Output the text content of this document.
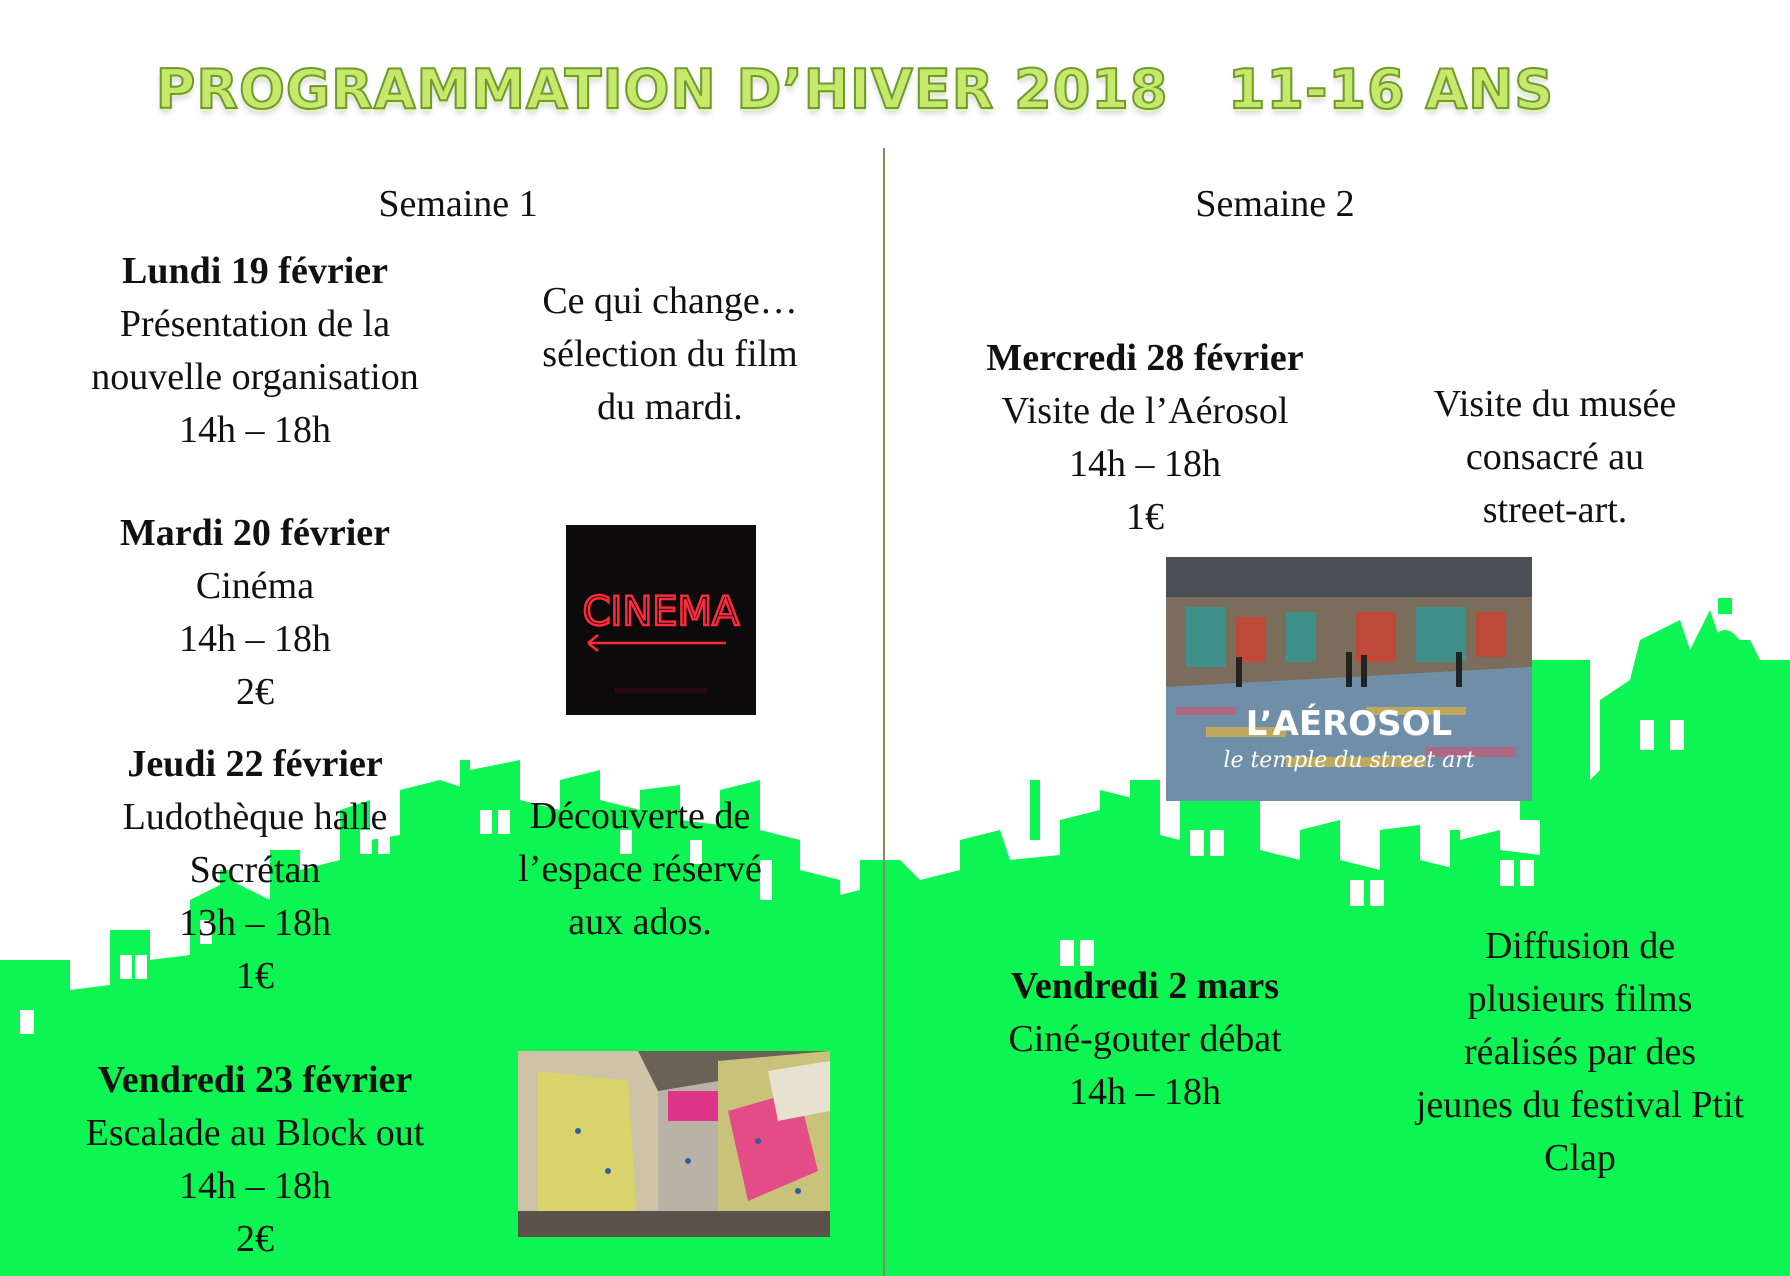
PROGRAMMATION D’HIVER 2018   11-16 ANS
Semaine 1
Lundi 19 février
Présentation de la
nouvelle organisation
14h – 18h
Ce qui change…
sélection du film
du mardi.
Mardi 20 février
Cinéma
14h – 18h
2€
CINEMA
▁▁▁▁
Jeudi 22 février
Ludothèque halle
Secrétan
13h – 18h
1€
Découverte de
l’espace réservé
aux ados.
Vendredi 23 février
Escalade au Block out
14h – 18h
2€
Semaine 2
Mercredi 28 février
Visite de l’Aérosol
14h – 18h
1€
Visite du musée
consacré au
street-art.
L’AÉROSOL
le temple du street art
Vendredi 2 mars
Ciné-gouter débat
14h – 18h
Diffusion de
plusieurs films
réalisés par des
jeunes du festival Ptit
Clap
